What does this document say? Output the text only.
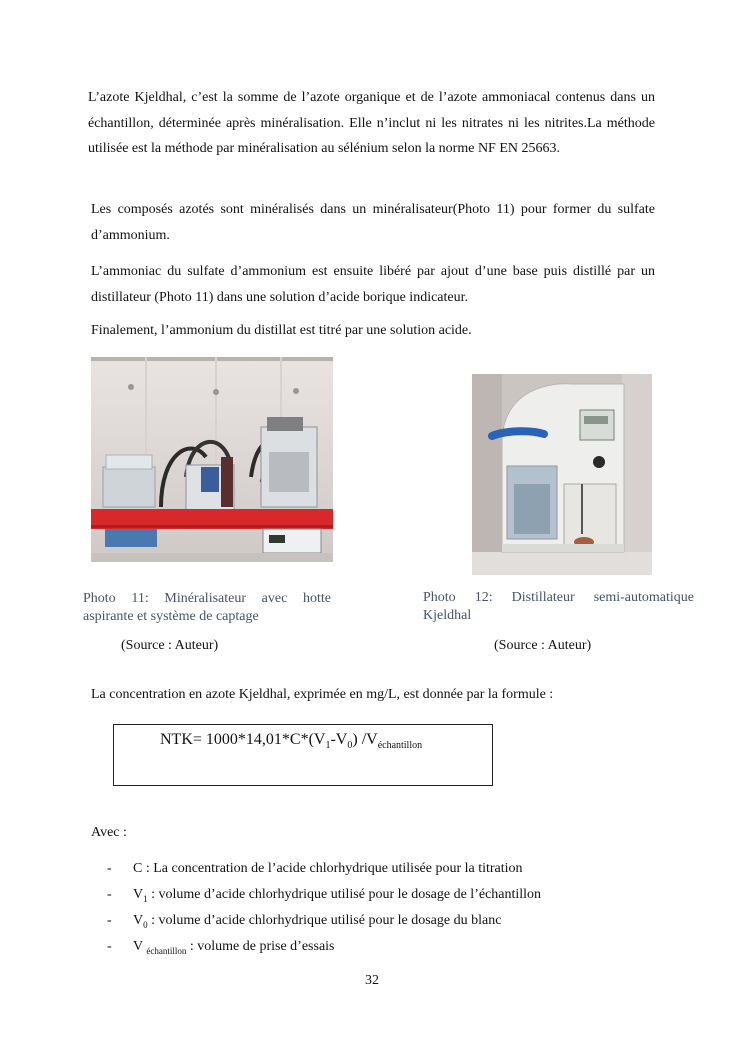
L’azote Kjeldhal, c’est la somme de l’azote organique et de l’azote ammoniacal contenus dans un échantillon, déterminée après minéralisation. Elle n’inclut ni les nitrates ni les nitrites.La méthode utilisée est la méthode par minéralisation au sélénium selon la norme NF EN 25663.

Les composés azotés sont minéralisés dans un minéralisateur(Photo 11) pour former du sulfate d’ammonium.

L’ammoniac du sulfate d’ammonium est ensuite libéré par ajout d’une base puis distillé par un distillateur (Photo 11) dans une solution d’acide borique indicateur.

Finalement, l’ammonium du distillat est titré par une solution acide.

Photo 11: Minéralisateur avec hotte aspirante et système de captage

Photo 12: Distillateur semi-automatique Kjeldhal

(Source : Auteur)	(Source : Auteur)

La concentration en azote Kjeldhal, exprimée en mg/L, est donnée par la formule :

$NTK= 1000*14,01*C*(V_1-V_0)$ $/V_{échantillon}$

Avec :

- C : La concentration de l’acide chlorhydrique utilisée pour la titration
- $V_1$ : volume d’acide chlorhydrique utilisé pour le dosage de l’échantillon
- $V_0$ : volume d’acide chlorhydrique utilisé pour le dosage du blanc
- V $_{échantillon}$ : volume de prise d’essais
32
